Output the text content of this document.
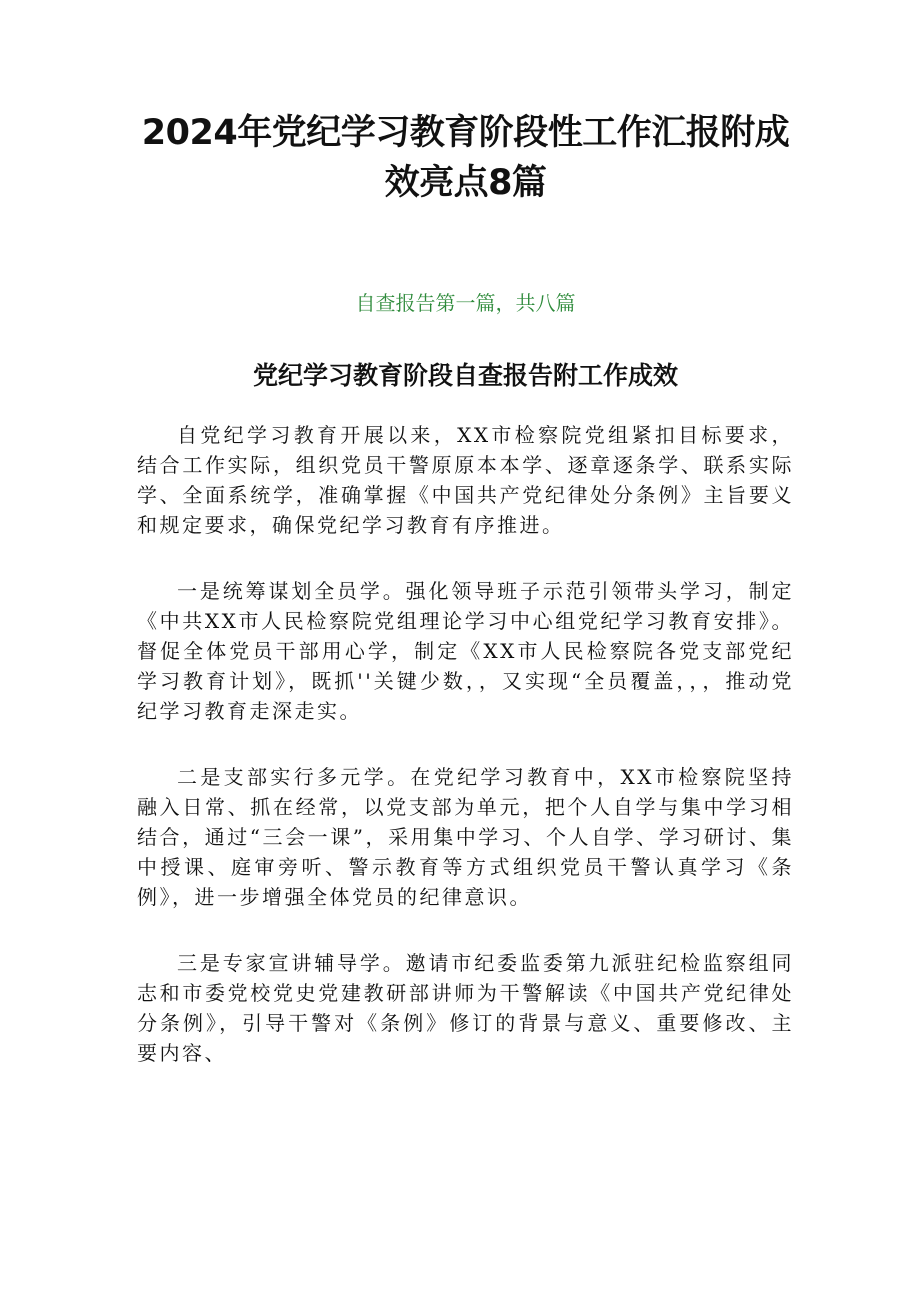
2024年党纪学习教育阶段性工作汇报附成效亮点8篇
自查报告第一篇，共八篇
党纪学习教育阶段自查报告附工作成效

自党纪学习教育开展以来，XX市检察院党组紧扣目标要求，结合工作实际，组织党员干警原原本本学、逐章逐条学、联系实际学、全面系统学，准确掌握《中国共产党纪律处分条例》主旨要义和规定要求，确保党纪学习教育有序推进。

一是统筹谋划全员学。强化领导班子示范引领带头学习，制定《中共XX市人民检察院党组理论学习中心组党纪学习教育安排》。督促全体党员干部用心学，制定《XX市人民检察院各党支部党纪学习教育计划》，既抓''关键少数，，又实现“全员覆盖，，，推动党纪学习教育走深走实。

二是支部实行多元学。在党纪学习教育中，XX市检察院坚持融入日常、抓在经常，以党支部为单元，把个人自学与集中学习相结合，通过“三会一课”，采用集中学习、个人自学、学习研讨、集中授课、庭审旁听、警示教育等方式组织党员干警认真学习《条例》，进一步增强全体党员的纪律意识。

三是专家宣讲辅导学。邀请市纪委监委第九派驻纪检监察组同志和市委党校党史党建教研部讲师为干警解读《中国共产党纪律处分条例》，引导干警对《条例》修订的背景与意义、重要修改、主要内容、
